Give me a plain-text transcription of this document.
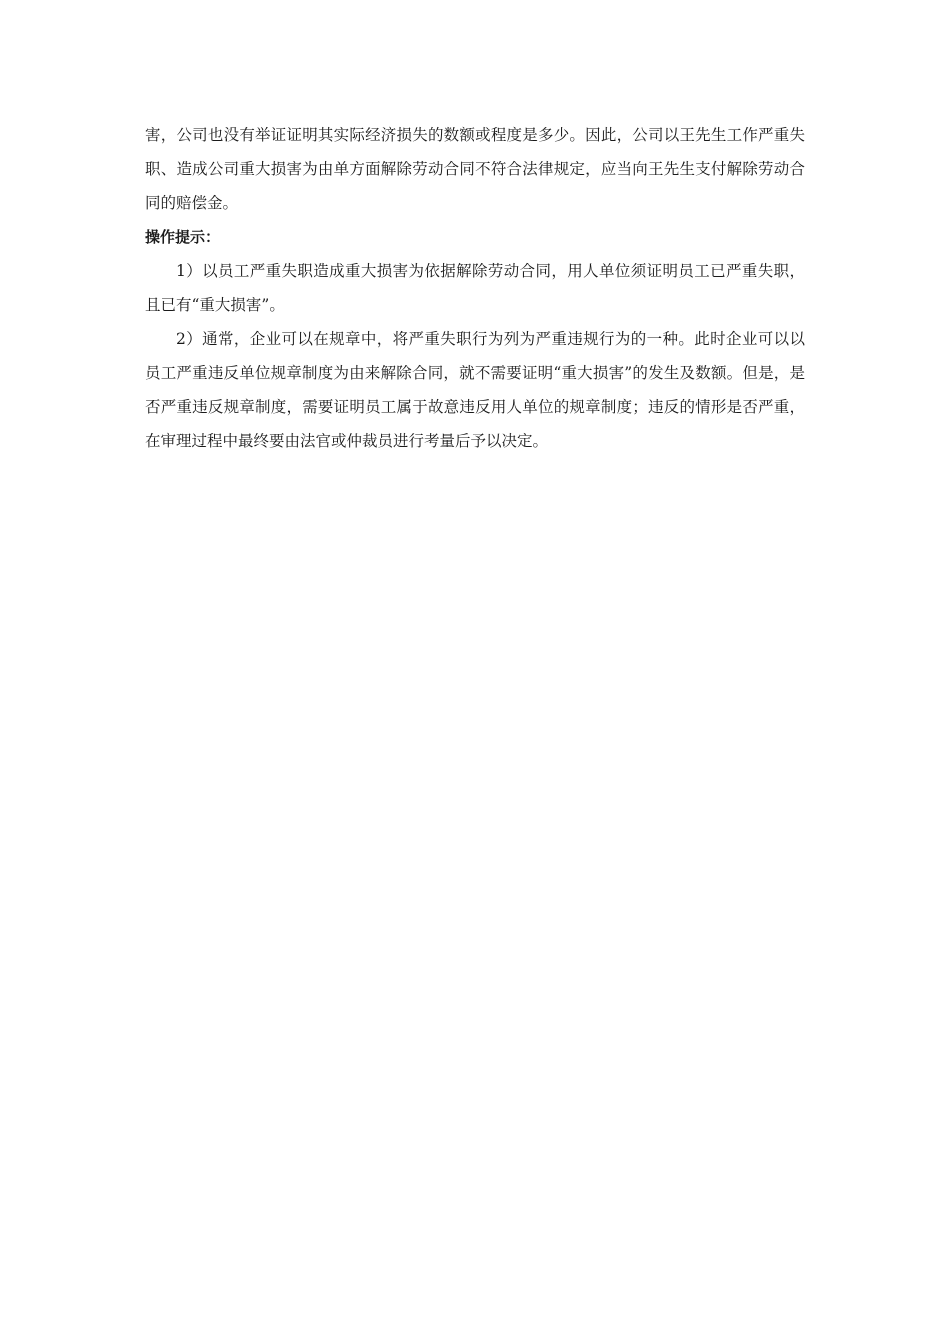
害，公司也没有举证证明其实际经济损失的数额或程度是多少。因此，公司以王先生工作严重失职、造成公司重大损害为由单方面解除劳动合同不符合法律规定，应当向王先生支付解除劳动合同的赔偿金。

操作提示：

1）以员工严重失职造成重大损害为依据解除劳动合同，用人单位须证明员工已严重失职，且已有“重大损害”。

2）通常，企业可以在规章中，将严重失职行为列为严重违规行为的一种。此时企业可以以员工严重违反单位规章制度为由来解除合同，就不需要证明“重大损害”的发生及数额。但是，是否严重违反规章制度，需要证明员工属于故意违反用人单位的规章制度；违反的情形是否严重，在审理过程中最终要由法官或仲裁员进行考量后予以决定。
